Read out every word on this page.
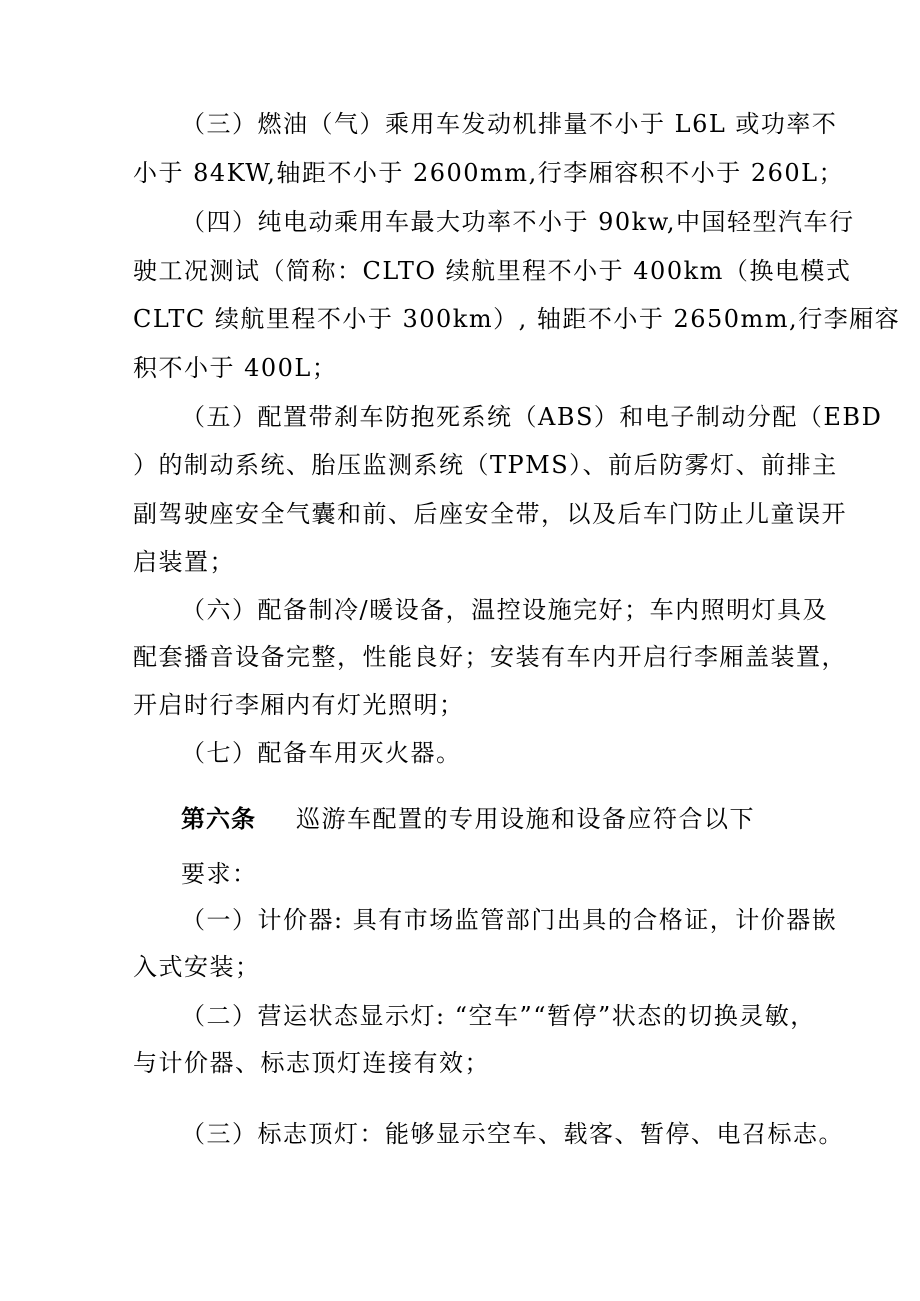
（三）燃油（气）乘用车发动机排量不小于 L6L 或功率不
小于 84KW,轴距不小于 2600mm,行李厢容积不小于 260L；
（四）纯电动乘用车最大功率不小于 90kw,中国轻型汽车行
驶工况测试（简称：CLTO 续航里程不小于 400km（换电模式
CLTC 续航里程不小于 300km）, 轴距不小于 2650mm,行李厢容
积不小于 400L；
（五）配置带刹车防抱死系统（ABS）和电子制动分配（EBD
）的制动系统、胎压监测系统（TPMS）、前后防雾灯、前排主
副驾驶座安全气囊和前、后座安全带，以及后车门防止儿童误开
启装置；
（六）配备制冷/暖设备，温控设施完好；车内照明灯具及
配套播音设备完整，性能良好；安装有车内开启行李厢盖装置，
开启时行李厢内有灯光照明；
（七）配备车用灭火器。
第六条 巡游车配置的专用设施和设备应符合以下
要求：
（一）计价器: 具有市场监管部门出具的合格证，计价器嵌
入式安装；
（二）营运状态显示灯: “空车”“暂停”状态的切换灵敏，
与计价器、标志顶灯连接有效；
（三）标志顶灯：能够显示空车、载客、暂停、电召标志。
